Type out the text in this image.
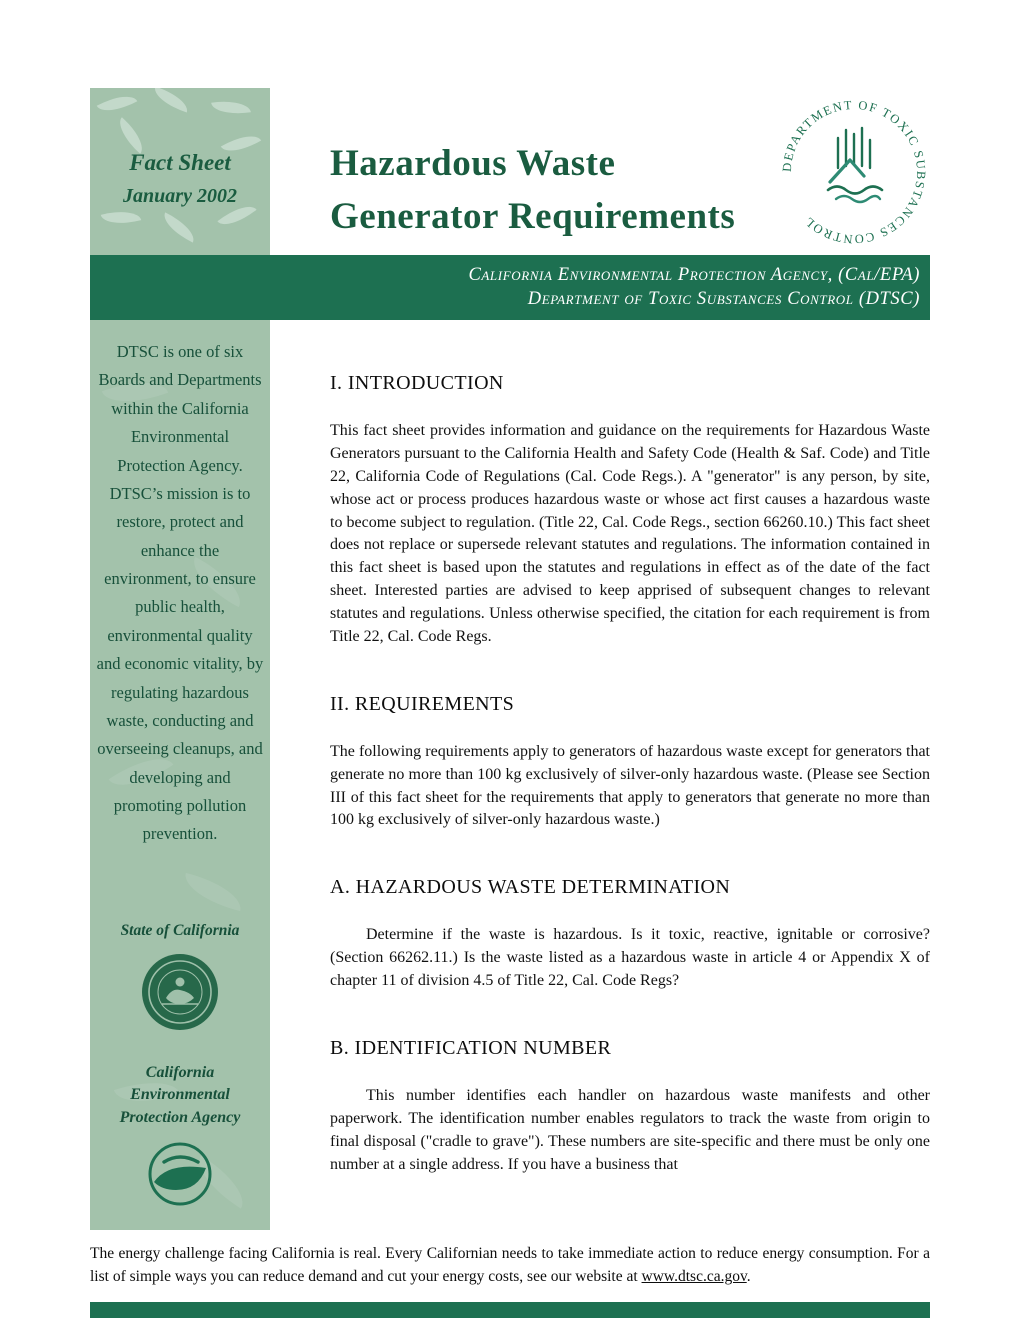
Fact Sheet
January 2002
Hazardous Waste
Generator Requirements
DEPARTMENT OF TOXIC SUBSTANCES CONTROL
California Environmental Protection Agency, (Cal/EPA)
Department of Toxic Substances Control (DTSC)
DTSC is one of six Boards and Departments within the California Environmental Protection Agency. DTSC’s mission is to restore, protect and enhance the environment, to ensure public health, environmental quality and economic vitality, by regulating hazardous waste, conducting and overseeing cleanups, and developing and promoting pollution prevention.
State of California
California Environmental Protection Agency
I. INTRODUCTION

This fact sheet provides information and guidance on the requirements for Hazardous Waste Generators pursuant to the California Health and Safety Code (Health & Saf. Code) and Title 22, California Code of Regulations (Cal. Code Regs.). A "generator" is any person, by site, whose act or process produces hazardous waste or whose act first causes a hazardous waste to become subject to regulation. (Title 22, Cal. Code Regs., section 66260.10.) This fact sheet does not replace or supersede relevant statutes and regulations. The information contained in this fact sheet is based upon the statutes and regulations in effect as of the date of the fact sheet. Interested parties are advised to keep apprised of subsequent changes to relevant statutes and regulations. Unless otherwise specified, the citation for each requirement is from Title 22, Cal. Code Regs.

II. REQUIREMENTS

The following requirements apply to generators of hazardous waste except for generators that generate no more than 100 kg exclusively of silver-only hazardous waste. (Please see Section III of this fact sheet for the requirements that apply to generators that generate no more than 100 kg exclusively of silver-only hazardous waste.)

A. HAZARDOUS WASTE DETERMINATION

Determine if the waste is hazardous. Is it toxic, reactive, ignitable or corrosive? (Section 66262.11.) Is the waste listed as a hazardous waste in article 4 or Appendix X of chapter 11 of division 4.5 of Title 22, Cal. Code Regs?

B. IDENTIFICATION NUMBER

This number identifies each handler on hazardous waste manifests and other paperwork. The identification number enables regulators to track the waste from origin to final disposal ("cradle to grave"). These numbers are site-specific and there must be only one number at a single address. If you have a business that

The energy challenge facing California is real. Every Californian needs to take immediate action to reduce energy consumption. For a list of simple ways you can reduce demand and cut your energy costs, see our website at www.dtsc.ca.gov.
